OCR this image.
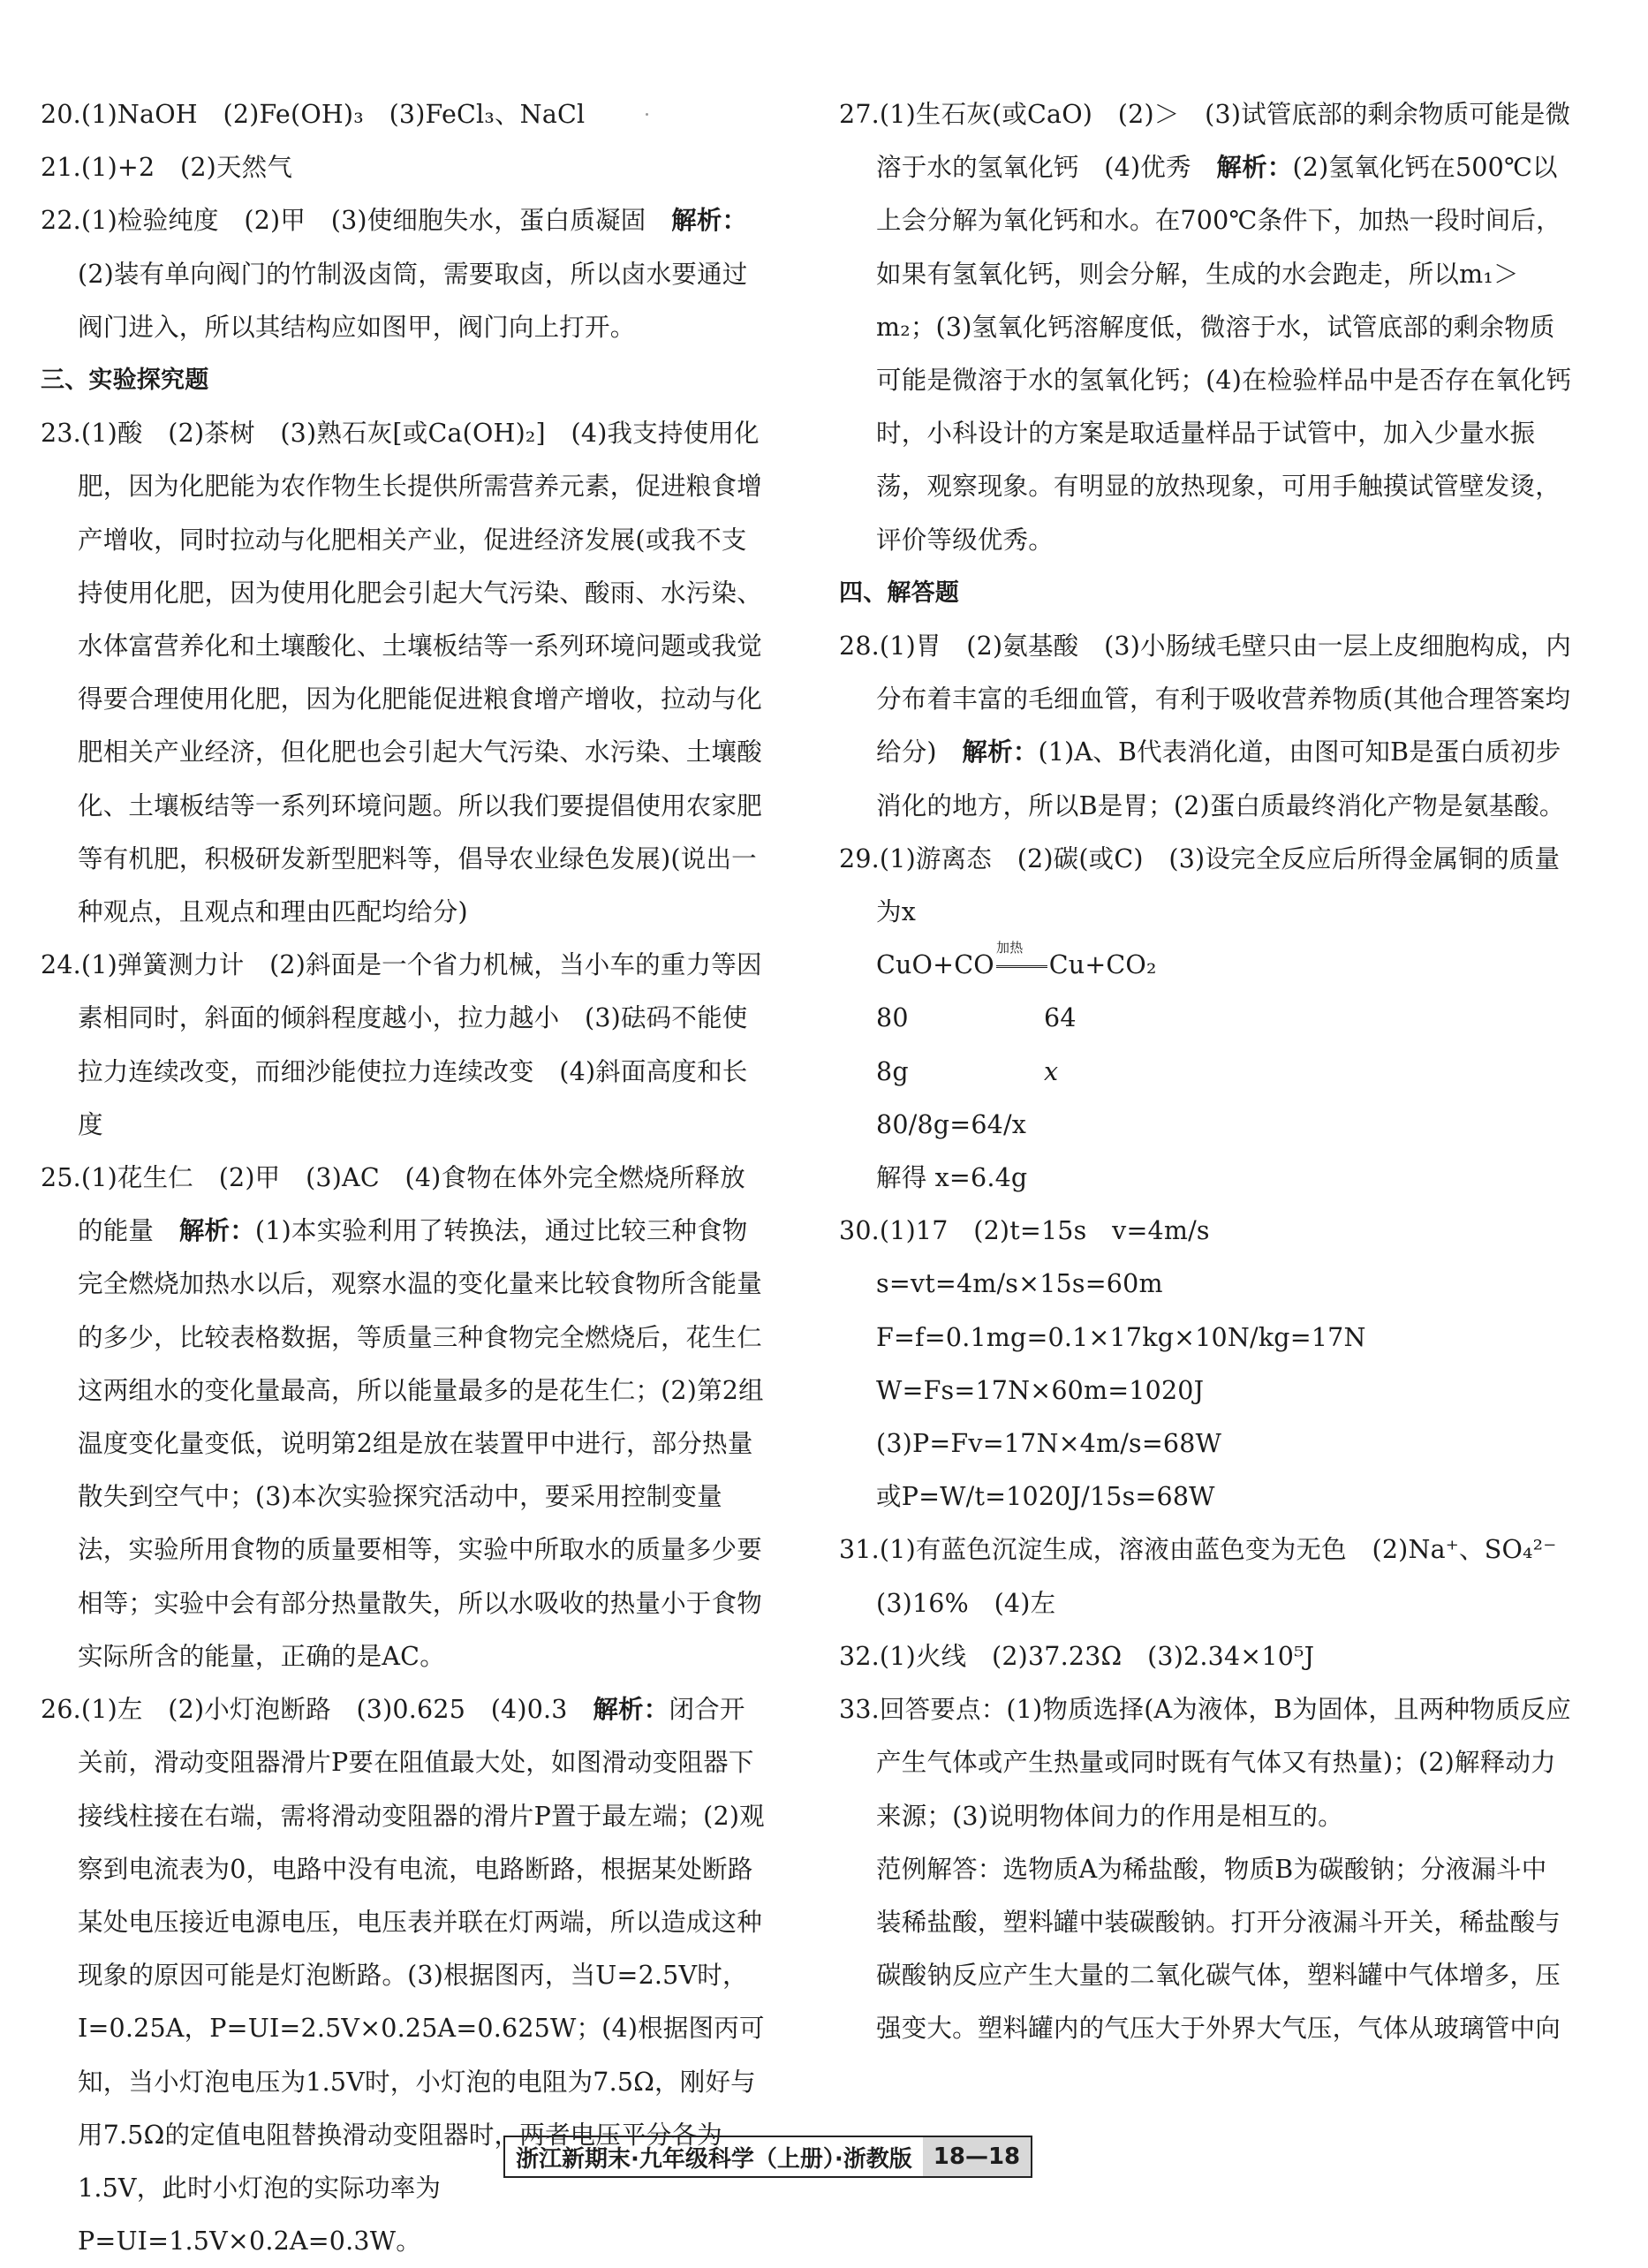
20.(1)NaOH　(2)Fe(OH)₃　(3)FeCl₃、NaCl
21.(1)+2　(2)天然气
22.(1)检验纯度　(2)甲　(3)使细胞失水，蛋白质凝固　解析：(2)装有单向阀门的竹制汲卤筒，需要取卤，所以卤水要通过阀门进入，所以其结构应如图甲，阀门向上打开。
三、实验探究题
23.(1)酸　(2)茶树　(3)熟石灰[或Ca(OH)₂]　(4)我支持使用化肥，因为化肥能为农作物生长提供所需营养元素，促进粮食增产增收，同时拉动与化肥相关产业，促进经济发展(或我不支持使用化肥，因为使用化肥会引起大气污染、酸雨、水污染、水体富营养化和土壤酸化、土壤板结等一系列环境问题或我觉得要合理使用化肥，因为化肥能促进粮食增产增收，拉动与化肥相关产业经济，但化肥也会引起大气污染、水污染、土壤酸化、土壤板结等一系列环境问题。所以我们要提倡使用农家肥等有机肥，积极研发新型肥料等，倡导农业绿色发展)(说出一种观点，且观点和理由匹配均给分)
24.(1)弹簧测力计　(2)斜面是一个省力机械，当小车的重力等因素相同时，斜面的倾斜程度越小，拉力越小　(3)砝码不能使拉力连续改变，而细沙能使拉力连续改变　(4)斜面高度和长度
25.(1)花生仁　(2)甲　(3)AC　(4)食物在体外完全燃烧所释放的能量　解析：(1)本实验利用了转换法，通过比较三种食物完全燃烧加热水以后，观察水温的变化量来比较食物所含能量的多少，比较表格数据，等质量三种食物完全燃烧后，花生仁这两组水的变化量最高，所以能量最多的是花生仁；(2)第2组温度变化量变低，说明第2组是放在装置甲中进行，部分热量散失到空气中；(3)本次实验探究活动中，要采用控制变量法，实验所用食物的质量要相等，实验中所取水的质量多少要相等；实验中会有部分热量散失，所以水吸收的热量小于食物实际所含的能量，正确的是AC。
26.(1)左　(2)小灯泡断路　(3)0.625　(4)0.3　解析：闭合开关前，滑动变阻器滑片P要在阻值最大处，如图滑动变阻器下接线柱接在右端，需将滑动变阻器的滑片P置于最左端；(2)观察到电流表为0，电路中没有电流，电路断路，根据某处断路某处电压接近电源电压，电压表并联在灯两端，所以造成这种现象的原因可能是灯泡断路。(3)根据图丙，当U=2.5V时，I=0.25A，P=UI=2.5V×0.25A=0.625W；(4)根据图丙可知，当小灯泡电压为1.5V时，小灯泡的电阻为7.5Ω，刚好与用7.5Ω的定值电阻替换滑动变阻器时，两者电压平分各为1.5V，此时小灯泡的实际功率为P=UI=1.5V×0.2A=0.3W。
27.(1)生石灰(或CaO)　(2)＞　(3)试管底部的剩余物质可能是微溶于水的氢氧化钙　(4)优秀　解析：(2)氢氧化钙在500℃以上会分解为氧化钙和水。在700℃条件下，加热一段时间后，如果有氢氧化钙，则会分解，生成的水会跑走，所以m₁＞m₂；(3)氢氧化钙溶解度低，微溶于水，试管底部的剩余物质可能是微溶于水的氢氧化钙；(4)在检验样品中是否存在氧化钙时，小科设计的方案是取适量样品于试管中，加入少量水振荡，观察现象。有明显的放热现象，可用手触摸试管壁发烫，评价等级优秀。
四、解答题
28.(1)胃　(2)氨基酸　(3)小肠绒毛壁只由一层上皮细胞构成，内分布着丰富的毛细血管，有利于吸收营养物质(其他合理答案均给分)　解析：(1)A、B代表消化道，由图可知B是蛋白质初步消化的地方，所以B是胃；(2)蛋白质最终消化产物是氨基酸。
29.(1)游离态　(2)碳(或C)　(3)设完全反应后所得金属铜的质量为x
加热
CuO+CO Cu+CO₂
80	64
8g	x
80/8g=64/x
解得 x=6.4g
30.(1)17　(2)t=15s　v=4m/s
s=vt=4m/s×15s=60m
F=f=0.1mg=0.1×17kg×10N/kg=17N
W=Fs=17N×60m=1020J
(3)P=Fv=17N×4m/s=68W
或P=W/t=1020J/15s=68W
31.(1)有蓝色沉淀生成，溶液由蓝色变为无色　(2)Na⁺、SO₄²⁻　(3)16%　(4)左
32.(1)火线　(2)37.23Ω　(3)2.34×10⁵J
33.回答要点：(1)物质选择(A为液体，B为固体，且两种物质反应产生气体或产生热量或同时既有气体又有热量)；(2)解释动力来源；(3)说明物体间力的作用是相互的。
范例解答：选物质A为稀盐酸，物质B为碳酸钠；分液漏斗中装稀盐酸，塑料罐中装碳酸钠。打开分液漏斗开关，稀盐酸与碳酸钠反应产生大量的二氧化碳气体，塑料罐中气体增多，压强变大。塑料罐内的气压大于外界大气压，气体从玻璃管中向
浙江新期末·九年级科学（上册）·浙教版 18—18
